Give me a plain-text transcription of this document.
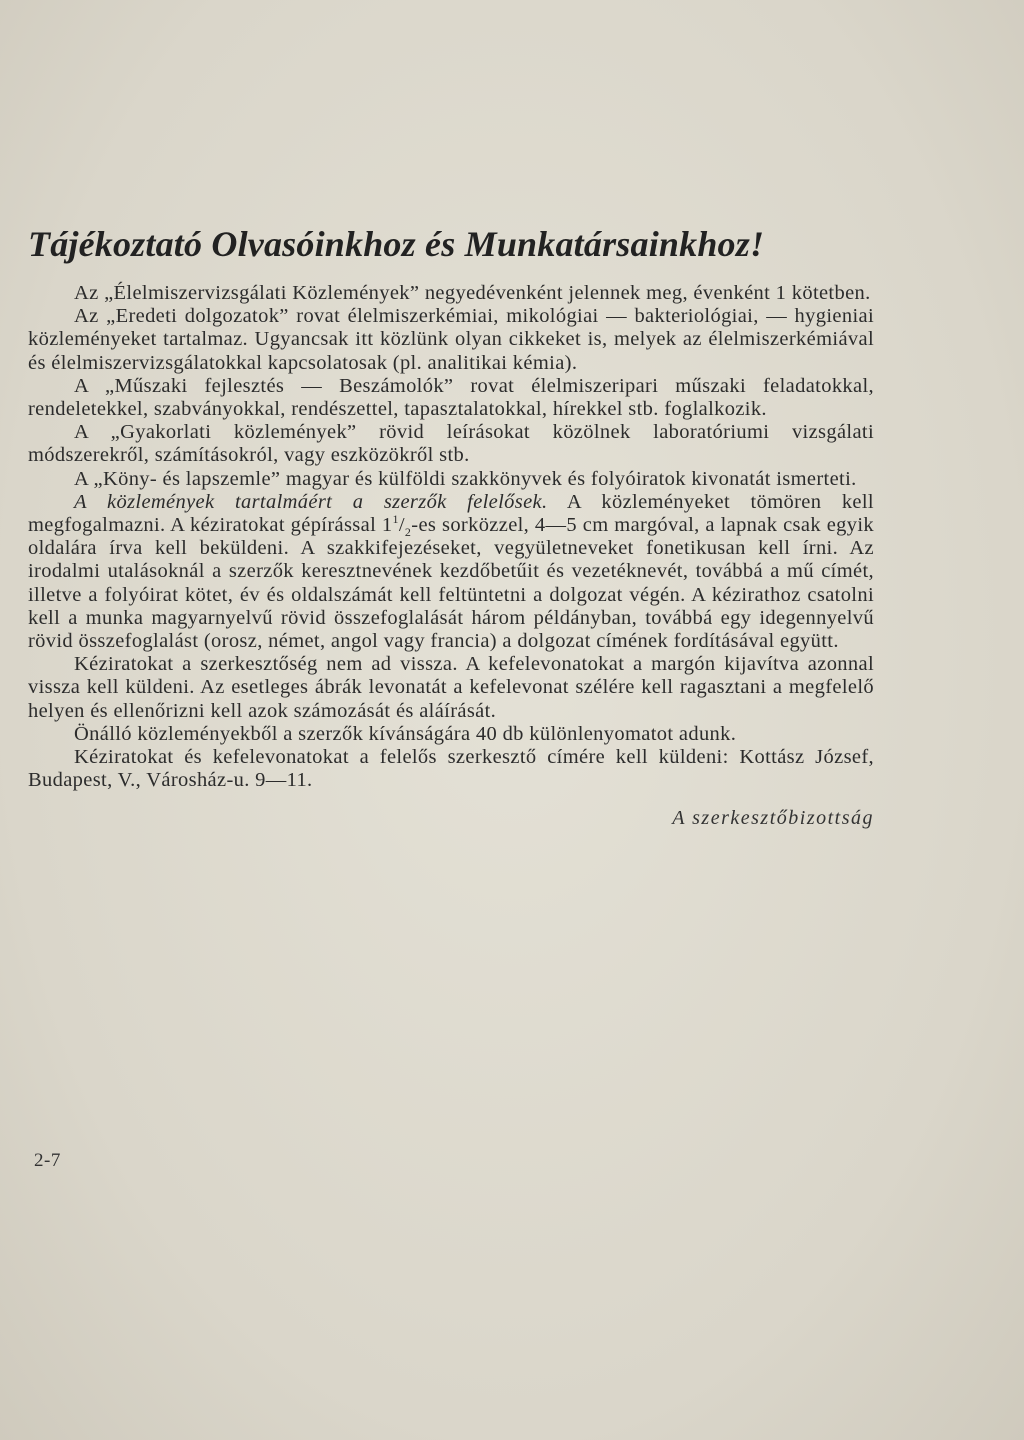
Tájékoztató Olvasóinkhoz és Munkatársainkhoz!

Az „Élelmiszervizsgálati Közlemények” negyedévenként jelennek meg, évenként 1 kötetben.

Az „Eredeti dolgozatok” rovat élelmiszerkémiai, mikológiai — bakteriológiai, — hygieniai közleményeket tartalmaz. Ugyancsak itt közlünk olyan cikkeket is, melyek az élelmiszerkémiával és élelmiszervizsgálatokkal kapcsolatosak (pl. analitikai kémia).

A „Műszaki fejlesztés — Beszámolók” rovat élelmiszeripari műszaki feladatokkal, rendeletekkel, szabványokkal, rendészettel, tapasztalatokkal, hírekkel stb. foglalkozik.

A „Gyakorlati közlemények” rövid leírásokat közölnek laboratóriumi vizsgálati módszerekről, számításokról, vagy eszközökről stb.

A „Köny- és lapszemle” magyar és külföldi szakkönyvek és folyóiratok kivonatát ismerteti.

A közlemények tartalmáért a szerzők felelősek. A közleményeket tömören kell megfogalmazni. A kéziratokat gépírással $1^1/_2-es$ sorközzel, 4—5 cm margóval, a lapnak csak egyik oldalára írva kell beküldeni. A szakkifejezéseket, vegyületneveket fonetikusan kell írni. Az irodalmi utalásoknál a szerzők keresztnevének kezdőbetűit és vezetéknevét, továbbá a mű címét, illetve a folyóirat kötet, év és oldalszámát kell feltüntetni a dolgozat végén. A kézirathoz csatolni kell a munka magyarnyelvű rövid összefoglalását három példányban, továbbá egy idegennyelvű rövid összefoglalást (orosz, német, angol vagy francia) a dolgozat címének fordításával együtt.

Kéziratokat a szerkesztőség nem ad vissza. A kefelevonatokat a margón kijavítva azonnal vissza kell küldeni. Az esetleges ábrák levonatát a kefelevonat szélére kell ragasztani a megfelelő helyen és ellenőrizni kell azok számozását és aláírását.

Önálló közleményekből a szerzők kívánságára 40 db különlenyomatot adunk.

Kéziratokat és kefelevonatokat a felelős szerkesztő címére kell küldeni: Kottász József, Budapest, V., Városház-u. 9—11.

A szerkesztőbizottság

2-7
